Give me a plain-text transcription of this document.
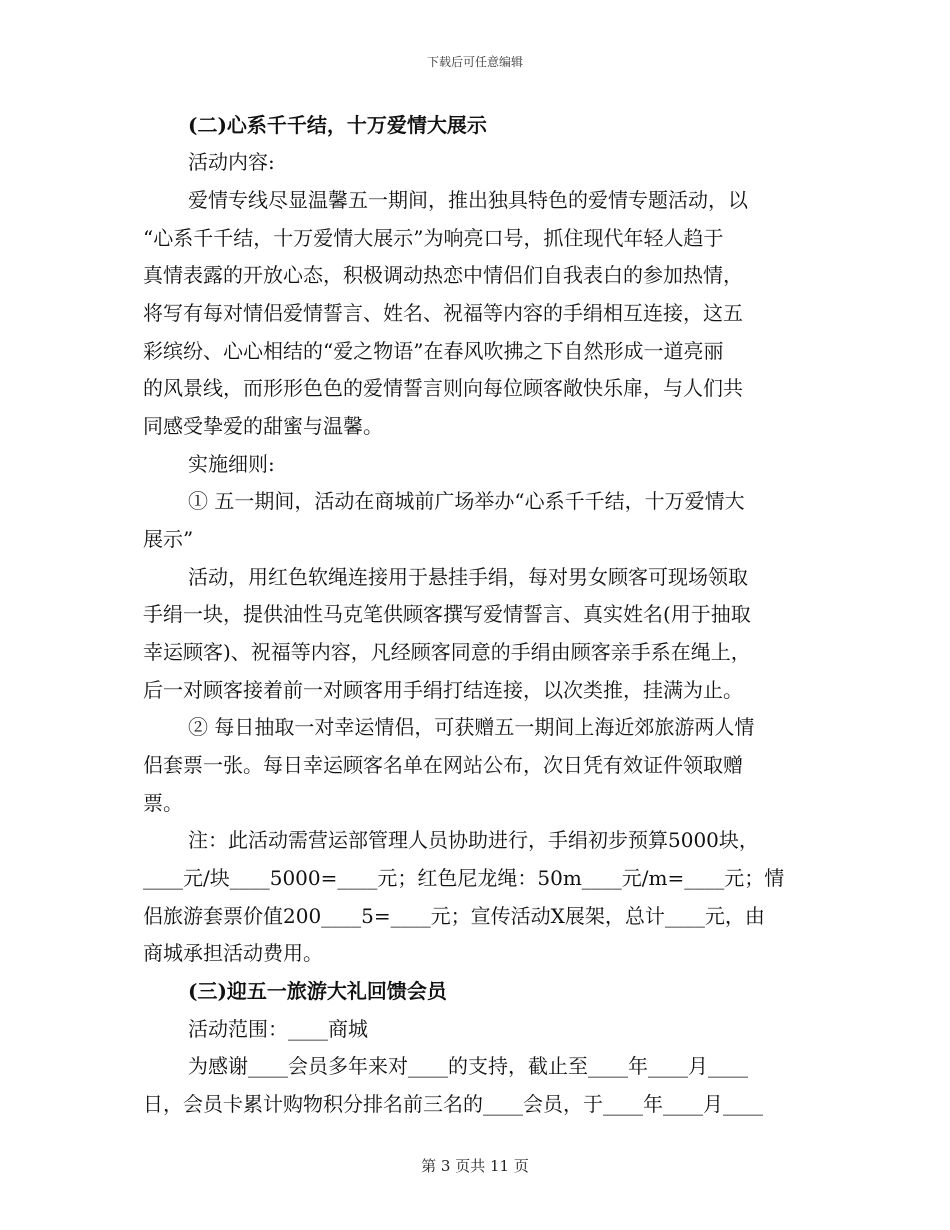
下载后可任意编辑
(二)心系千千结，十万爱情大展示
活动内容:
爱情专线尽显温馨五一期间，推出独具特色的爱情专题活动，以
“心系千千结，十万爱情大展示”为响亮口号，抓住现代年轻人趋于
真情表露的开放心态，积极调动热恋中情侣们自我表白的参加热情，
将写有每对情侣爱情誓言、姓名、祝福等内容的手绢相互连接，这五
彩缤纷、心心相结的“爱之物语”在春风吹拂之下自然形成一道亮丽
的风景线，而形形色色的爱情誓言则向每位顾客敞快乐扉，与人们共
同感受挚爱的甜蜜与温馨。
实施细则:
① 五一期间，活动在商城前广场举办“心系千千结，十万爱情大
展示”
活动，用红色软绳连接用于悬挂手绢，每对男女顾客可现场领取
手绢一块，提供油性马克笔供顾客撰写爱情誓言、真实姓名(用于抽取
幸运顾客)、祝福等内容，凡经顾客同意的手绢由顾客亲手系在绳上，
后一对顾客接着前一对顾客用手绢打结连接，以次类推，挂满为止。
② 每日抽取一对幸运情侣，可获赠五一期间上海近郊旅游两人情
侣套票一张。每日幸运顾客名单在网站公布，次日凭有效证件领取赠
票。
注：此活动需营运部管理人员协助进行，手绢初步预算5000块，
____元/块____5000=____元；红色尼龙绳：50m____元/m=____元；情
侣旅游套票价值200____5=____元；宣传活动X展架，总计____元，由
商城承担活动费用。
(三)迎五一旅游大礼回馈会员
活动范围：____商城
为感谢____会员多年来对____的支持，截止至____年____月____
日，会员卡累计购物积分排名前三名的____会员，于____年____月____
第 3 页共 11 页
